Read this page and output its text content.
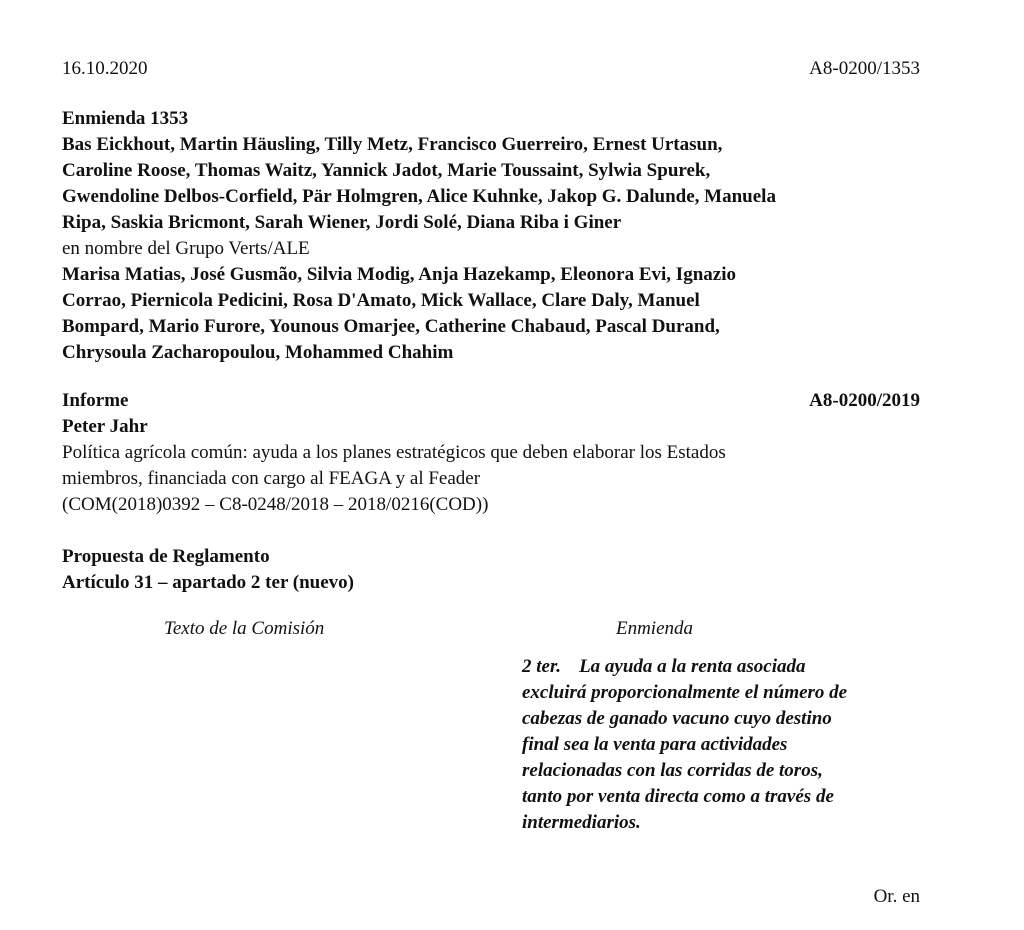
16.10.2020	A8-0200/1353

Enmienda 1353

Bas Eickhout, Martin Häusling, Tilly Metz, Francisco Guerreiro, Ernest Urtasun,

Caroline Roose, Thomas Waitz, Yannick Jadot, Marie Toussaint, Sylwia Spurek,

Gwendoline Delbos-Corfield, Pär Holmgren, Alice Kuhnke, Jakop G. Dalunde, Manuela

Ripa, Saskia Bricmont, Sarah Wiener, Jordi Solé, Diana Riba i Giner

en nombre del Grupo Verts/ALE

Marisa Matias, José Gusmão, Silvia Modig, Anja Hazekamp, Eleonora Evi, Ignazio

Corrao, Piernicola Pedicini, Rosa D'Amato, Mick Wallace, Clare Daly, Manuel

Bompard, Mario Furore, Younous Omarjee, Catherine Chabaud, Pascal Durand,

Chrysoula Zacharopoulou, Mohammed Chahim

Informe	A8-0200/2019

Peter Jahr

Política agrícola común: ayuda a los planes estratégicos que deben elaborar los Estados

miembros, financiada con cargo al FEAGA y al Feader

(COM(2018)0392 – C8-0248/2018 – 2018/0216(COD))

Propuesta de Reglamento

Artículo 31 – apartado 2 ter (nuevo)

Texto de la Comisión	Enmienda

2 ter. La ayuda a la renta asociada

excluirá proporcionalmente el número de

cabezas de ganado vacuno cuyo destino

final sea la venta para actividades

relacionadas con las corridas de toros,

tanto por venta directa como a través de

intermediarios.

Or. en
